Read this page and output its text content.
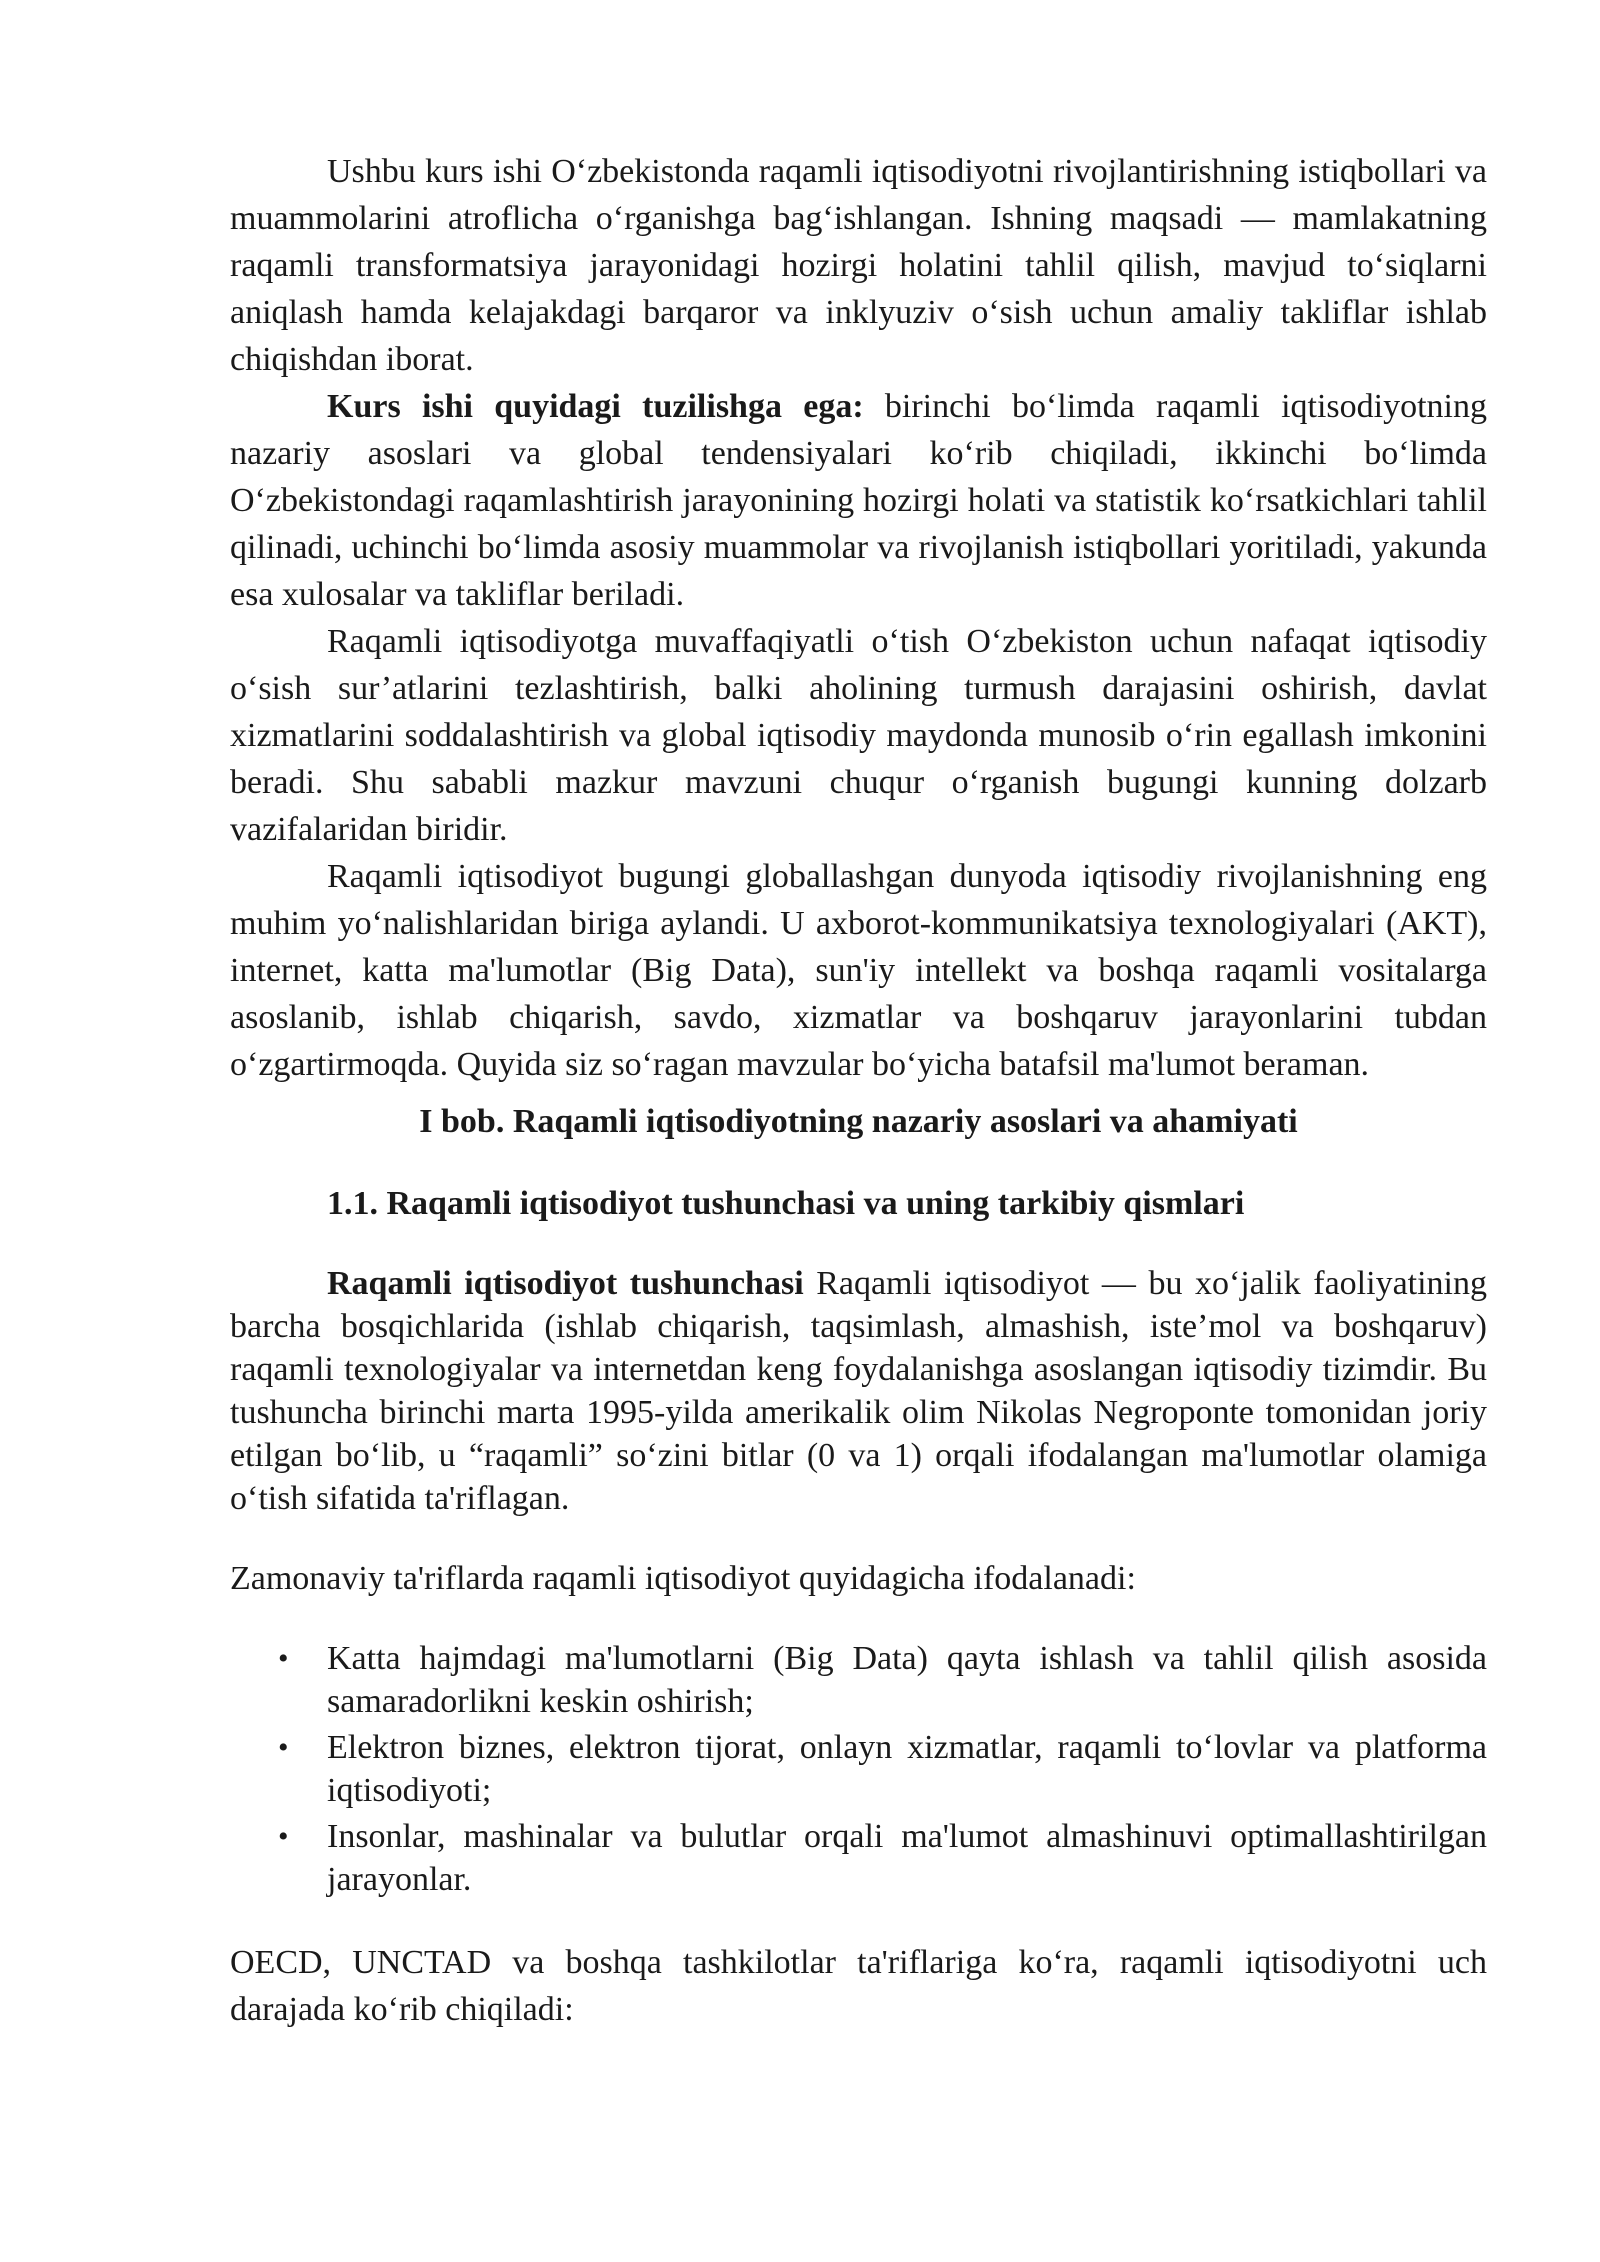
Ushbu kurs ishi O‘zbekistonda raqamli iqtisodiyotni rivojlantirishning istiqbollari va muammolarini atroflicha o‘rganishga bag‘ishlangan. Ishning maqsadi — mamlakatning raqamli transformatsiya jarayonidagi hozirgi holatini tahlil qilish, mavjud to‘siqlarni aniqlash hamda kelajakdagi barqaror va inklyuziv o‘sish uchun amaliy takliflar ishlab chiqishdan iborat.

Kurs ishi quyidagi tuzilishga ega: birinchi bo‘limda raqamli iqtisodiyotning nazariy asoslari va global tendensiyalari ko‘rib chiqiladi, ikkinchi bo‘limda O‘zbekistondagi raqamlashtirish jarayonining hozirgi holati va statistik ko‘rsatkichlari tahlil qilinadi, uchinchi bo‘limda asosiy muammolar va rivojlanish istiqbollari yoritiladi, yakunda esa xulosalar va takliflar beriladi.

Raqamli iqtisodiyotga muvaffaqiyatli o‘tish O‘zbekiston uchun nafaqat iqtisodiy o‘sish sur’atlarini tezlashtirish, balki aholining turmush darajasini oshirish, davlat xizmatlarini soddalashtirish va global iqtisodiy maydonda munosib o‘rin egallash imkonini beradi. Shu sababli mazkur mavzuni chuqur o‘rganish bugungi kunning dolzarb vazifalaridan biridir.

Raqamli iqtisodiyot bugungi globallashgan dunyoda iqtisodiy rivojlanishning eng muhim yo‘nalishlaridan biriga aylandi. U axborot-kommunikatsiya texnologiyalari (AKT), internet, katta ma'lumotlar (Big Data), sun'iy intellekt va boshqa raqamli vositalarga asoslanib, ishlab chiqarish, savdo, xizmatlar va boshqaruv jarayonlarini tubdan o‘zgartirmoqda. Quyida siz so‘ragan mavzular bo‘yicha batafsil ma'lumot beraman.

I bob. Raqamli iqtisodiyotning nazariy asoslari va ahamiyati

1.1. Raqamli iqtisodiyot tushunchasi va uning tarkibiy qismlari

Raqamli iqtisodiyot tushunchasi Raqamli iqtisodiyot — bu xo‘jalik faoliyatining barcha bosqichlarida (ishlab chiqarish, taqsimlash, almashish, iste’mol va boshqaruv) raqamli texnologiyalar va internetdan keng foydalanishga asoslangan iqtisodiy tizimdir. Bu tushuncha birinchi marta 1995-yilda amerikalik olim Nikolas Negroponte tomonidan joriy etilgan bo‘lib, u “raqamli” so‘zini bitlar (0 va 1) orqali ifodalangan ma'lumotlar olamiga o‘tish sifatida ta'riflagan.

Zamonaviy ta'riflarda raqamli iqtisodiyot quyidagicha ifodalanadi:

• Katta hajmdagi ma'lumotlarni (Big Data) qayta ishlash va tahlil qilish asosida samaradorlikni keskin oshirish;
• Elektron biznes, elektron tijorat, onlayn xizmatlar, raqamli to‘lovlar va platforma iqtisodiyoti;
• Insonlar, mashinalar va bulutlar orqali ma'lumot almashinuvi optimallashtirilgan jarayonlar.

OECD, UNCTAD va boshqa tashkilotlar ta'riflariga ko‘ra, raqamli iqtisodiyotni uch darajada ko‘rib chiqiladi:
